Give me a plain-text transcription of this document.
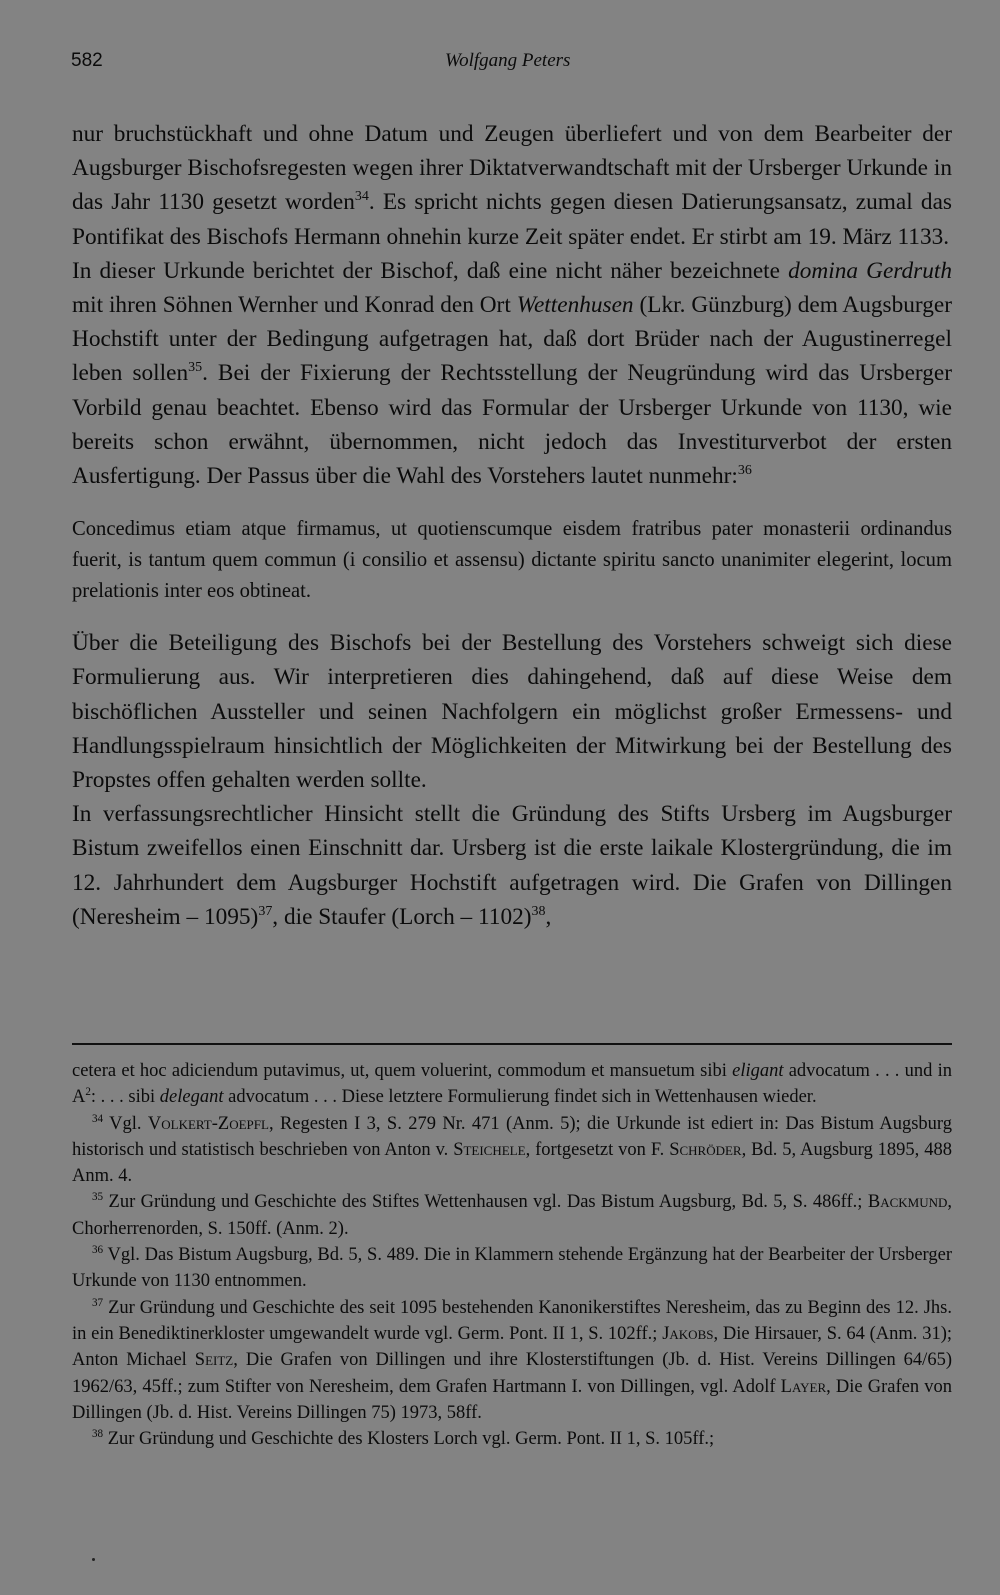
582	Wolfgang Peters

nur bruchstückhaft und ohne Datum und Zeugen überliefert und von dem Bearbeiter der Augsburger Bischofsregesten wegen ihrer Diktatverwandtschaft mit der Ursberger Urkunde in das Jahr 1130 gesetzt worden$^{34}$. Es spricht nichts gegen diesen Datierungsansatz, zumal das Pontifikat des Bischofs Hermann ohnehin kurze Zeit später endet. Er stirbt am 19. März 1133.

In dieser Urkunde berichtet der Bischof, daß eine nicht näher bezeichnete domina Gerdruth mit ihren Söhnen Wernher und Konrad den Ort Wettenhusen (Lkr. Günzburg) dem Augsburger Hochstift unter der Bedingung aufgetragen hat, daß dort Brüder nach der Augustinerregel leben sollen$^{35}$. Bei der Fixierung der Rechtsstellung der Neugründung wird das Ursberger Vorbild genau beachtet. Ebenso wird das Formular der Ursberger Urkunde von 1130, wie bereits schon erwähnt, übernommen, nicht jedoch das Investiturverbot der ersten Ausfertigung. Der Passus über die Wahl des Vorstehers lautet nunmehr:$^{36}$

Concedimus etiam atque firmamus, ut quotienscumque eisdem fratribus pater monasterii ordinandus fuerit, is tantum quem commun (i consilio et assensu) dictante spiritu sancto unanimiter elegerint, locum prelationis inter eos obtineat.

Über die Beteiligung des Bischofs bei der Bestellung des Vorstehers schweigt sich diese Formulierung aus. Wir interpretieren dies dahingehend, daß auf diese Weise dem bischöflichen Aussteller und seinen Nachfolgern ein möglichst großer Ermessens- und Handlungsspielraum hinsichtlich der Möglichkeiten der Mitwirkung bei der Bestellung des Propstes offen gehalten werden sollte.

In verfassungsrechtlicher Hinsicht stellt die Gründung des Stifts Ursberg im Augsburger Bistum zweifellos einen Einschnitt dar. Ursberg ist die erste laikale Klostergründung, die im 12. Jahrhundert dem Augsburger Hochstift aufgetragen wird. Die Grafen von Dillingen (Neresheim – 1095)$^{37}$, die Staufer (Lorch – 1102)$^{38}$,

cetera et hoc adiciendum putavimus, ut, quem voluerint, commodum et mansuetum sibi eligant advocatum . . . und in $A^2$: . . . sibi delegant advocatum . . . Diese letztere Formulierung findet sich in Wettenhausen wieder.

$^{34}$ Vgl. Volkert-Zoepfl, Regesten I 3, S. 279 Nr. 471 (Anm. 5); die Urkunde ist ediert in: Das Bistum Augsburg historisch und statistisch beschrieben von Anton v. Steichele, fortgesetzt von F. Schröder, Bd. 5, Augsburg 1895, 488 Anm. 4.

$^{35}$ Zur Gründung und Geschichte des Stiftes Wettenhausen vgl. Das Bistum Augsburg, Bd. 5, S. 486ff.; Backmund, Chorherrenorden, S. 150ff. (Anm. 2).

$^{36}$ Vgl. Das Bistum Augsburg, Bd. 5, S. 489. Die in Klammern stehende Ergänzung hat der Bearbeiter der Ursberger Urkunde von 1130 entnommen.

$^{37}$ Zur Gründung und Geschichte des seit 1095 bestehenden Kanonikerstiftes Neresheim, das zu Beginn des 12. Jhs. in ein Benediktinerkloster umgewandelt wurde vgl. Germ. Pont. II 1, S. 102ff.; Jakobs, Die Hirsauer, S. 64 (Anm. 31); Anton Michael Seitz, Die Grafen von Dillingen und ihre Klosterstiftungen (Jb. d. Hist. Vereins Dillingen 64/65) 1962/63, 45ff.; zum Stifter von Neresheim, dem Grafen Hartmann I. von Dillingen, vgl. Adolf Layer, Die Grafen von Dillingen (Jb. d. Hist. Vereins Dillingen 75) 1973, 58ff.

$^{38}$ Zur Gründung und Geschichte des Klosters Lorch vgl. Germ. Pont. II 1, S. 105ff.;
